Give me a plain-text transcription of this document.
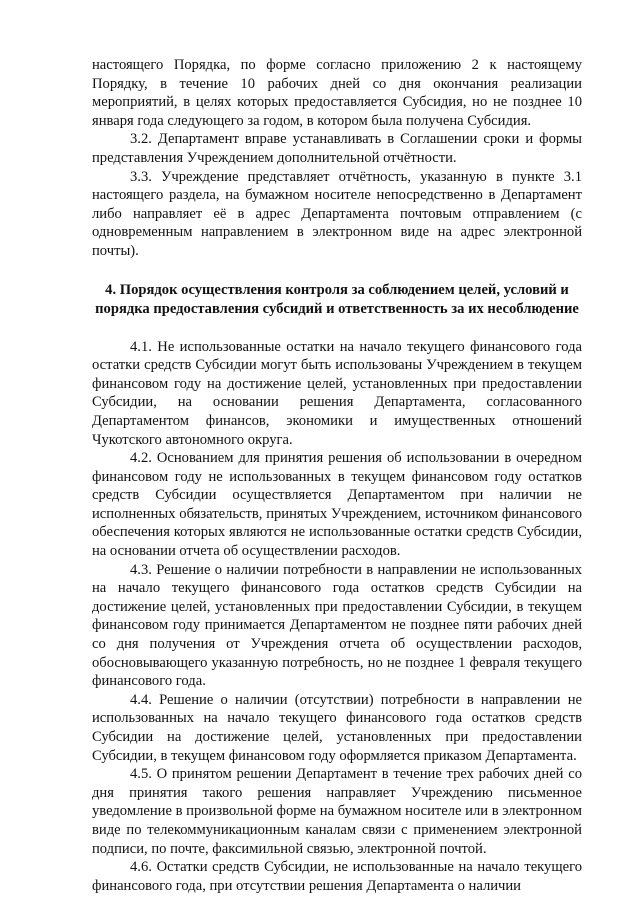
настоящего Порядка, по форме согласно приложению 2 к настоящему Порядку, в течение 10 рабочих дней со дня окончания реализации мероприятий, в целях которых предоставляется Субсидия, но не позднее 10 января года следующего за годом, в котором была получена Субсидия.

3.2. Департамент вправе устанавливать в Соглашении сроки и формы представления Учреждением дополнительной отчётности.

3.3. Учреждение представляет отчётность, указанную в пункте 3.1 настоящего раздела, на бумажном носителе непосредственно в Департамент либо направляет её в адрес Департамента почтовым отправлением (с одновременным направлением в электронном виде на адрес электронной почты).

4. Порядок осуществления контроля за соблюдением целей, условий и порядка предоставления субсидий и ответственность за их несоблюдение

4.1. Не использованные остатки на начало текущего финансового года остатки средств Субсидии могут быть использованы Учреждением в текущем финансовом году на достижение целей, установленных при предоставлении Субсидии, на основании решения Департамента, согласованного Департаментом финансов, экономики и имущественных отношений Чукотского автономного округа.

4.2. Основанием для принятия решения об использовании в очередном финансовом году не использованных в текущем финансовом году остатков средств Субсидии осуществляется Департаментом при наличии не исполненных обязательств, принятых Учреждением, источником финансового обеспечения которых являются не использованные остатки средств Субсидии, на основании отчета об осуществлении расходов.

4.3. Решение о наличии потребности в направлении не использованных на начало текущего финансового года остатков средств Субсидии на достижение целей, установленных при предоставлении Субсидии, в текущем финансовом году принимается Департаментом не позднее пяти рабочих дней со дня получения от Учреждения отчета об осуществлении расходов, обосновывающего указанную потребность, но не позднее 1 февраля текущего финансового года.

4.4. Решение о наличии (отсутствии) потребности в направлении не использованных на начало текущего финансового года остатков средств Субсидии на достижение целей, установленных при предоставлении Субсидии, в текущем финансовом году оформляется приказом Департамента.

4.5. О принятом решении Департамент в течение трех рабочих дней со дня принятия такого решения направляет Учреждению письменное уведомление в произвольной форме на бумажном носителе или в электронном виде по телекоммуникационным каналам связи с применением электронной подписи, по почте, факсимильной связью, электронной почтой.

4.6. Остатки средств Субсидии, не использованные на начало текущего финансового года, при отсутствии решения Департамента о наличии
